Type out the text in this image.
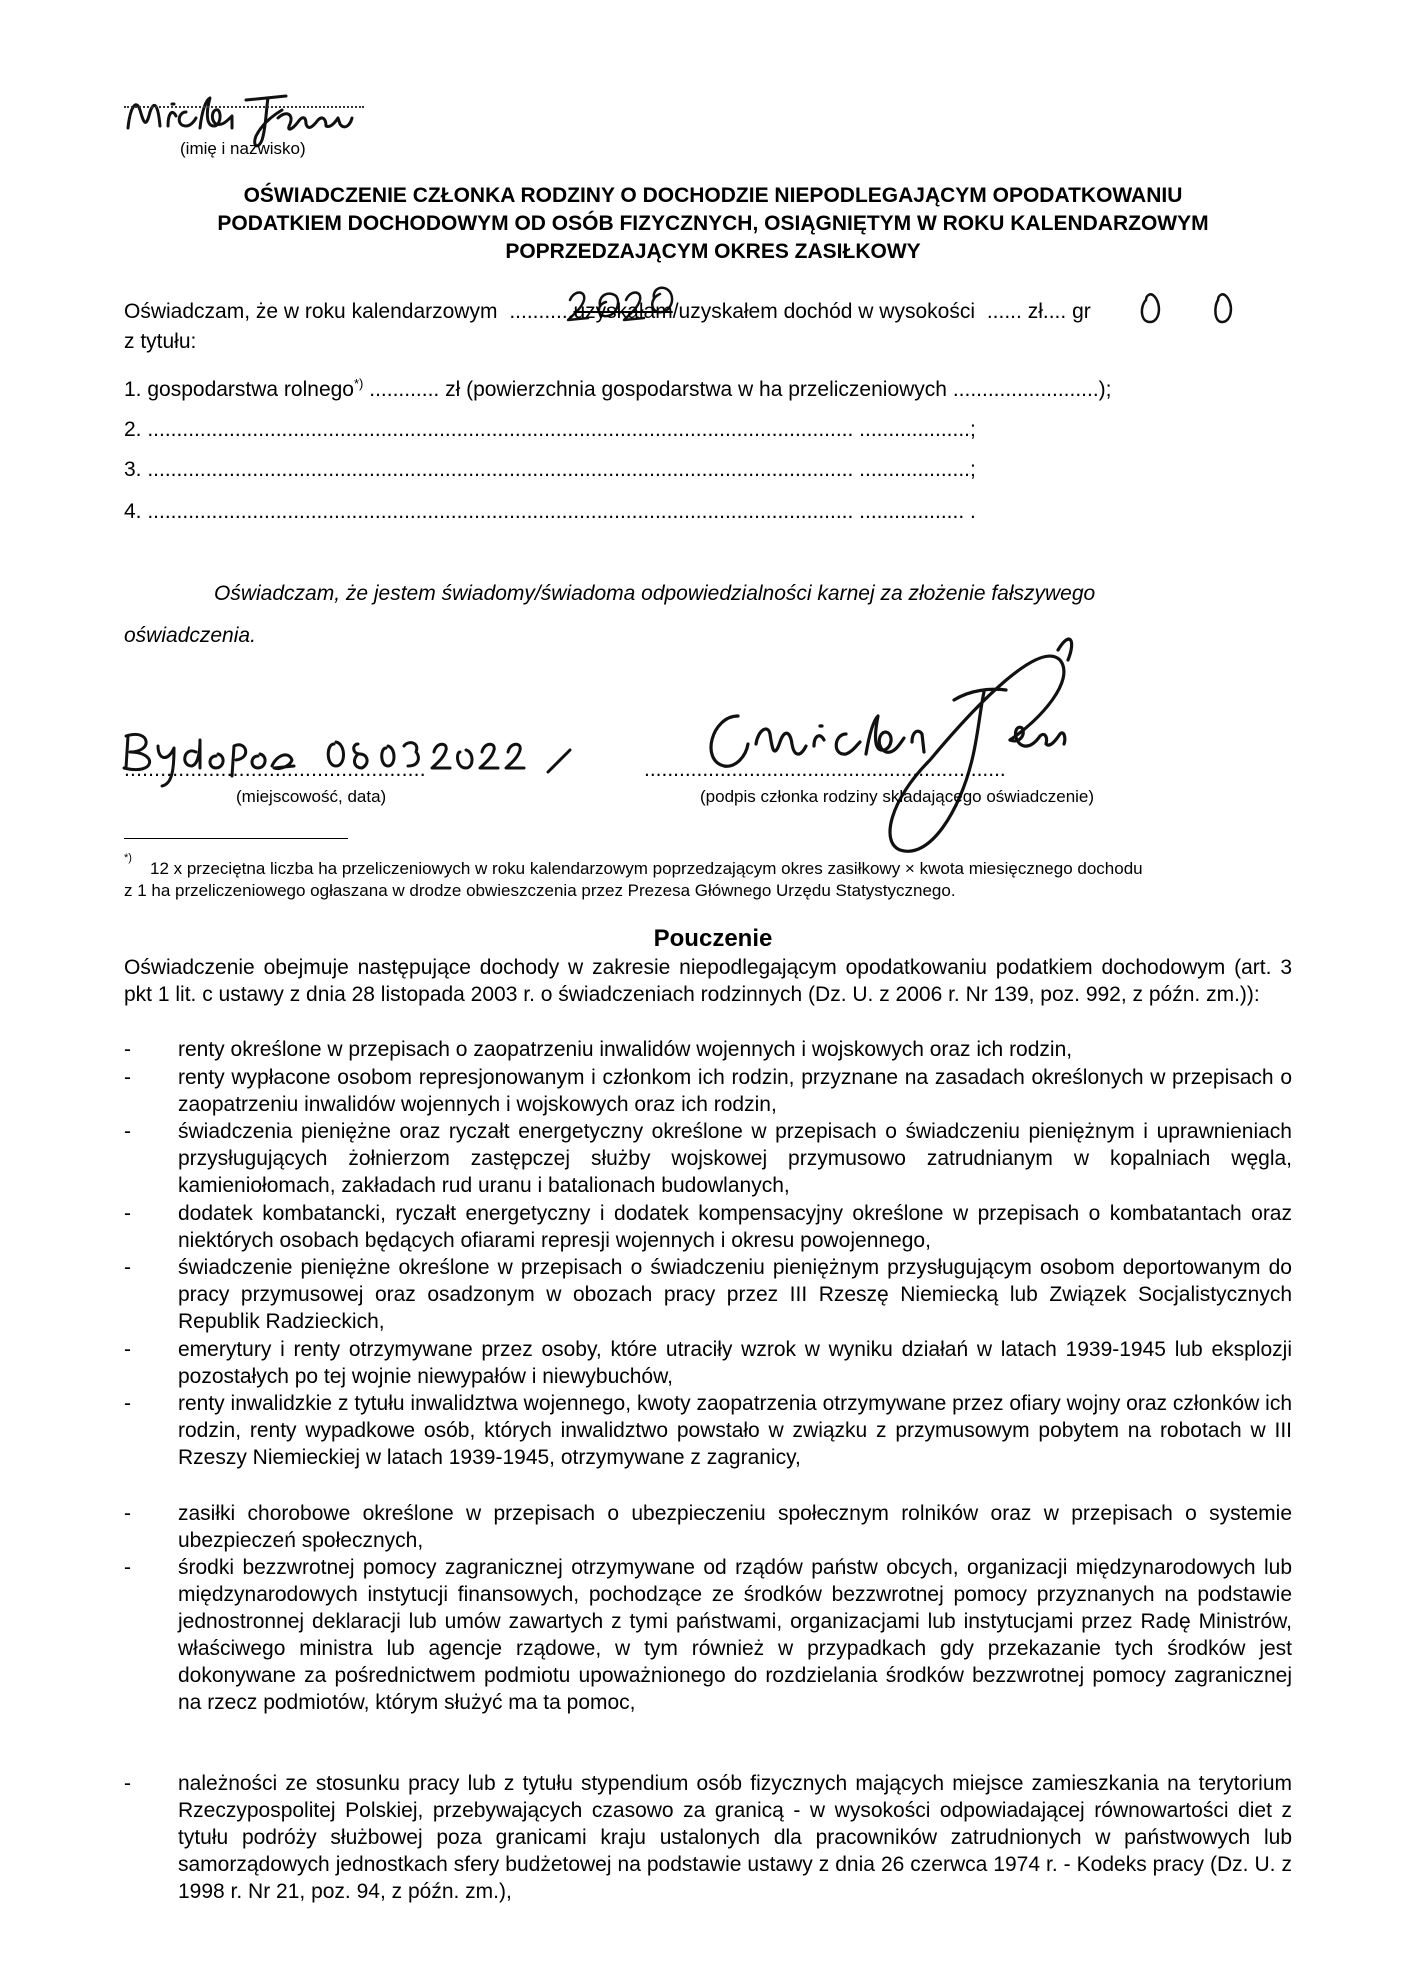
(imię i nazwisko)
OŚWIADCZENIE CZŁONKA RODZINY O DOCHODZIE NIEPODLEGAJĄCYM OPODATKOWANIU
PODATKIEM DOCHODOWYM OD OSÓB FIZYCZNYCH, OSIĄGNIĘTYM W ROKU KALENDARZOWYM
POPRZEDZAJĄCYM OKRES ZASIŁKOWY
Oświadczam, że w roku kalendarzowym ...........uzyskałam/uzyskałem dochód w wysokości ...... zł.... gr
z tytułu:
1. gospodarstwa rolnego*) ............ zł (powierzchnia gospodarstwa w ha przeliczeniowych .........................);
2. ......................................................................................................................... ...................;
3. ......................................................................................................................... ...................;
4. ......................................................................................................................... .................. .
Oświadczam, że jestem świadomy/świadoma odpowiedzialności karnej za złożenie fałszywego
oświadczenia.
..................................................
(miejscowość, data)
..............................................................
(podpis członka rodziny składającego oświadczenie)
*)
12 x przeciętna liczba ha przeliczeniowych w roku kalendarzowym poprzedzającym okres zasiłkowy × kwota miesięcznego dochodu
z 1 ha przeliczeniowego ogłaszana w drodze obwieszczenia przez Prezesa Głównego Urzędu Statystycznego.
Pouczenie
Oświadczenie obejmuje następujące dochody w zakresie niepodlegającym opodatkowaniu podatkiem dochodowym (art. 3 pkt 1 lit. c ustawy z dnia 28 listopada 2003 r. o świadczeniach rodzinnych (Dz. U. z 2006 r. Nr 139, poz. 992, z późn. zm.)):
- renty określone w przepisach o zaopatrzeniu inwalidów wojennych i wojskowych oraz ich rodzin,
- renty wypłacone osobom represjonowanym i członkom ich rodzin, przyznane na zasadach określonych w przepisach o zaopatrzeniu inwalidów wojennych i wojskowych oraz ich rodzin,
- świadczenia pieniężne oraz ryczałt energetyczny określone w przepisach o świadczeniu pieniężnym i uprawnieniach przysługujących żołnierzom zastępczej służby wojskowej przymusowo zatrudnianym w kopalniach węgla, kamieniołomach, zakładach rud uranu i batalionach budowlanych,
- dodatek kombatancki, ryczałt energetyczny i dodatek kompensacyjny określone w przepisach o kombatantach oraz niektórych osobach będących ofiarami represji wojennych i okresu powojennego,
- świadczenie pieniężne określone w przepisach o świadczeniu pieniężnym przysługującym osobom deportowanym do pracy przymusowej oraz osadzonym w obozach pracy przez III Rzeszę Niemiecką lub Związek Socjalistycznych Republik Radzieckich,
- emerytury i renty otrzymywane przez osoby, które utraciły wzrok w wyniku działań w latach 1939-1945 lub eksplozji pozostałych po tej wojnie niewypałów i niewybuchów,
- renty inwalidzkie z tytułu inwalidztwa wojennego, kwoty zaopatrzenia otrzymywane przez ofiary wojny oraz członków ich rodzin, renty wypadkowe osób, których inwalidztwo powstało w związku z przymusowym pobytem na robotach w III Rzeszy Niemieckiej w latach 1939-1945, otrzymywane z zagranicy,
- zasiłki chorobowe określone w przepisach o ubezpieczeniu społecznym rolników oraz w przepisach o systemie ubezpieczeń społecznych,
- środki bezzwrotnej pomocy zagranicznej otrzymywane od rządów państw obcych, organizacji międzynarodowych lub międzynarodowych instytucji finansowych, pochodzące ze środków bezzwrotnej pomocy przyznanych na podstawie jednostronnej deklaracji lub umów zawartych z tymi państwami, organizacjami lub instytucjami przez Radę Ministrów, właściwego ministra lub agencje rządowe, w tym również w przypadkach gdy przekazanie tych środków jest dokonywane za pośrednictwem podmiotu upoważnionego do rozdzielania środków bezzwrotnej pomocy zagranicznej na rzecz podmiotów, którym służyć ma ta pomoc,
- należności ze stosunku pracy lub z tytułu stypendium osób fizycznych mających miejsce zamieszkania na terytorium Rzeczypospolitej Polskiej, przebywających czasowo za granicą - w wysokości odpowiadającej równowartości diet z tytułu podróży służbowej poza granicami kraju ustalonych dla pracowników zatrudnionych w państwowych lub samorządowych jednostkach sfery budżetowej na podstawie ustawy z dnia 26 czerwca 1974 r. - Kodeks pracy (Dz. U. z 1998 r. Nr 21, poz. 94, z późn. zm.),
